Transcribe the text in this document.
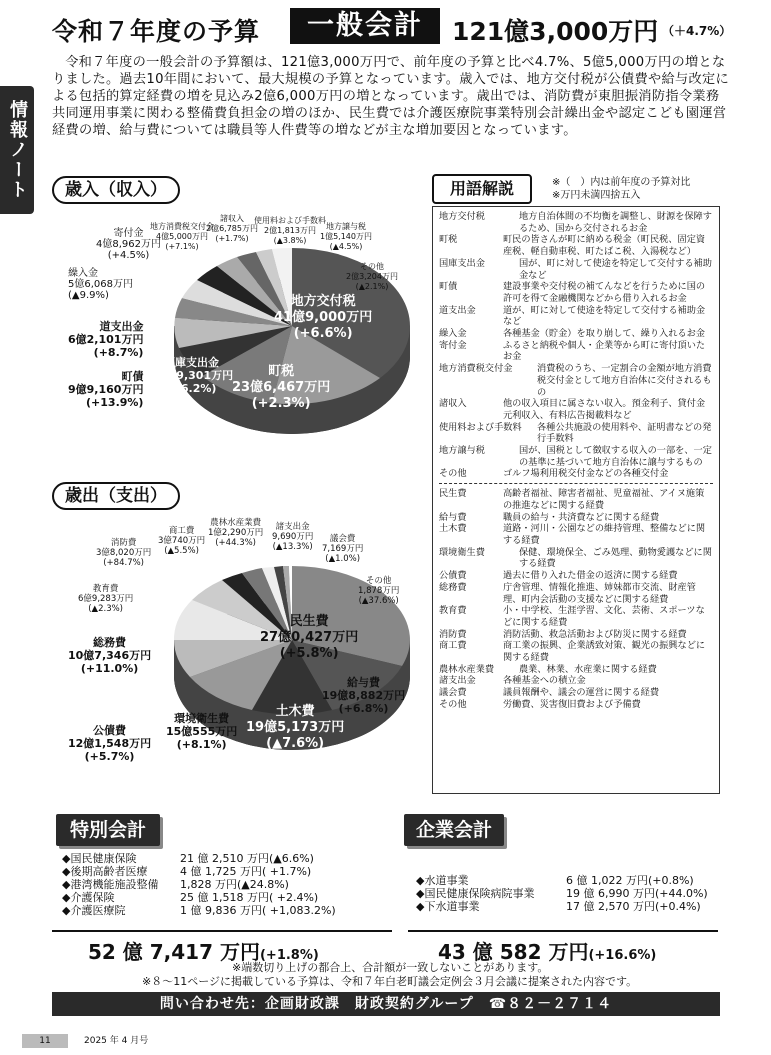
令和７年度の予算	一般会計	121億3,000万円 （＋4.7%）
令和７年度の一般会計の予算額は、121億3,000万円で、前年度の予算と比べ4.7%、5億5,000万円の増となりました。過去10年間において、最大規模の予算となっています。歳入では、地方交付税が公債費や給与改定による包括的算定経費の増を見込み2億6,000万円の増となっています。歳出では、消防費が東胆振消防指令業務共同運用事業に関わる整備費負担金の増のほか、民生費では介護医療院事業特別会計繰出金や認定こども園運営経費の増、給与費については職員等人件費等の増などが主な増加要因となっています。
情報ノート	歳入（収入）
地方交付税
41億9,000万円
(+6.6%)
町税
23億6,467万円
(+2.3%)
国庫支出金
15億9,301万円
(+6.2%)
町債
9億9,160万円
(+13.9%)
道支出金
6億2,101万円
(+8.7%)
繰入金
5億6,068万円
(▲9.9%)
寄付金
4億8,962万円
(+4.5%)
地方消費税交付金
4億5,000万円
(+7.1%)
諸収入
2億6,785万円
(+1.7%)
使用料および手数料
2億1,813万円
(▲3.8%)
地方譲与税
1億5,140万円
(▲4.5%)
その他
2億3,204万円
(▲2.1%)
歳出（支出）
民生費
27億0,427万円
(+5.8%)
給与費
19億8,882万円
(+6.8%)
土木費
19億5,173万円
(▲7.6%)
環境衛生費
15億555万円
(+8.1%)
公債費
12億1,548万円
(+5.7%)
総務費
10億7,346万円
(+11.0%)
教育費
6億9,283万円
(▲2.3%)
消防費
3億8,020万円
(+84.7%)
商工費
3億740万円
(▲5.5%)
農林水産業費
1億2,290万円
(+44.3%)
諸支出金
9,690万円
(▲13.3%)
議会費
7,169万円
(▲1.0%)
その他
1,878万円
(▲37.6%)
用語解説	※（　）内は前年度の予算対比
※万円未満四捨五入
地方交付税	地方自治体間の不均衡を調整し、財源を保障するため、国から交付されるお金
町税	町民の皆さんが町に納める税金（町民税、固定資産税、軽自動車税、町たばこ税、入湯税など）
国庫支出金	国が、町に対して使途を特定して交付する補助金など
町債	建設事業や交付税の補てんなどを行うために国の許可を得て金融機関などから借り入れるお金
道支出金	道が、町に対して使途を特定して交付する補助金など
繰入金	各種基金（貯金）を取り崩して、繰り入れるお金
寄付金	ふるさと納税や個人・企業等から町に寄付頂いたお金
地方消費税交付金	消費税のうち、一定割合の金額が地方消費税交付金として地方自治体に交付されるもの
諸収入	他の収入項目に属さない収入。預金利子、貸付金元利収入、有料広告掲載料など
使用料および手数料	各種公共施設の使用料や、証明書などの発行手数料
地方譲与税	国が、国税として徴収する収入の一部を、一定の基準に基づいて地方自治体に譲与するもの
その他	ゴルフ場利用税交付金などの各種交付金
民生費	高齢者福祉、障害者福祉、児童福祉、アイヌ施策の推進などに関する経費
給与費	職員の給与・共済費などに関する経費
土木費	道路・河川・公園などの維持管理、整備などに関する経費
環境衛生費	保健、環境保全、ごみ処理、動物愛護などに関する経費
公債費	過去に借り入れた借金の返済に関する経費
総務費	庁舎管理、情報化推進、姉妹都市交流、財産管理、町内会活動の支援などに関する経費
教育費	小・中学校、生涯学習、文化、芸術、スポーツなどに関する経費
消防費	消防活動、救急活動および防災に関する経費
商工費	商工業の振興、企業誘致対策、観光の振興などに関する経費
農林水産業費	農業、林業、水産業に関する経費
諸支出金	各種基金への積立金
議会費	議員報酬や、議会の運営に関する経費
その他	労働費、災害復旧費および予備費
特別会計
◆国民健康保険	21 億 2,510 万円(▲6.6%)
◆後期高齢者医療	4 億 1,725 万円( +1.7%)
◆港湾機能施設整備	1,828 万円(▲24.8%)
◆介護保険	25 億 1,518 万円( +2.4%)
◆介護医療院	1 億 9,836 万円( +1,083.2%)
52 億 7,417 万円(+1.8%)
企業会計
◆水道事業	6 億 1,022 万円(+0.8%)
◆国民健康保険病院事業	19 億 6,990 万円(+44.0%)
◆下水道事業	17 億 2,570 万円(+0.4%)
43 億 582 万円(+16.6%)
※端数切り上げの都合上、合計額が一致しないことがあります。
※８～11ページに掲載している予算は、令和７年白老町議会定例会３月会議に提案された内容です。
問い合わせ先：企画財政課　財政契約グループ　☎８２－２７１４
11	2025 年 4 月号
